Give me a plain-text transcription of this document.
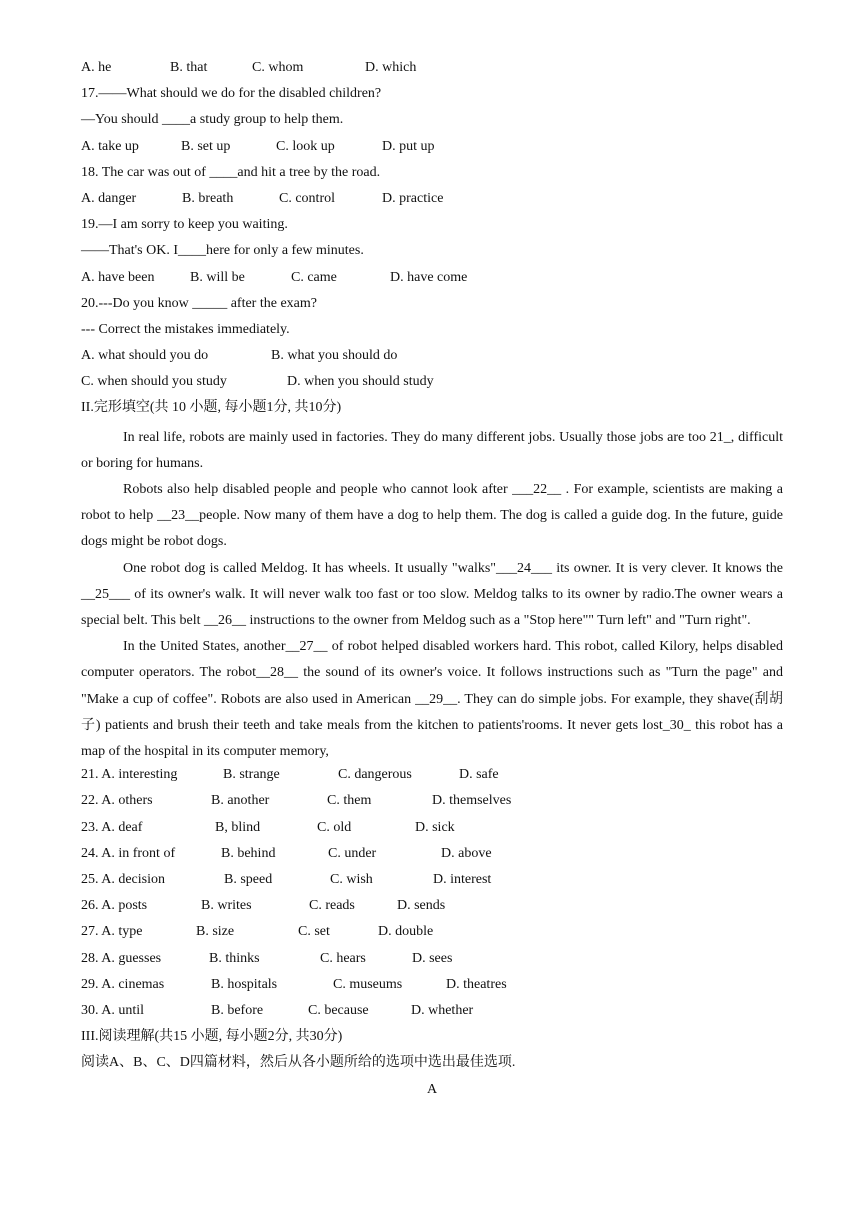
A. he	B. that	C. whom	D. which
17.——What should we do for the disabled children?
—You should ____a study group to help them.
A. take up	B. set up	C. look up	D. put up
18. The car was out of ____and hit a tree by the road.
A. danger	B. breath	C. control	D. practice
19.—I am sorry to keep you waiting.
——That's OK. I____here for only a few minutes.
A. have been	B. will be	C. came	D. have come
20.---Do you know _____ after the exam?
--- Correct the mistakes immediately.
A. what should you do	B. what you should do
C. when should you study	D. when you should study
II.完形填空(共 10 小题, 每小题1分, 共10分)

In real life, robots are mainly used in factories. They do many different jobs. Usually those jobs are too 21_, difficult or boring for humans.

Robots also help disabled people and people who cannot look after ___22__ . For example, scientists are making a robot to help __23__people. Now many of them have a dog to help them. The dog is called a guide dog. In the future, guide dogs might be robot dogs.

One robot dog is called Meldog. It has wheels. It usually "walks"___24___ its owner. It is very clever. It knows the __25___ of its owner's walk. It will never walk too fast or too slow. Meldog talks to its owner by radio.The owner wears a special belt. This belt __26__ instructions to the owner from Meldog such as a "Stop here"" Turn left" and "Turn right".

In the United States, another__27__ of robot helped disabled workers hard. This robot, called Kilory, helps disabled computer operators. The robot__28__ the sound of its owner's voice. It follows instructions such as "Turn the page" and "Make a cup of coffee". Robots are also used in American __29__. They can do simple jobs. For example, they shave(刮胡子) patients and brush their teeth and take meals from the kitchen to patients'rooms. It never gets lost_30_ this robot has a map of the hospital in its computer memory,

21. A. interesting	B. strange	C. dangerous	D. safe
22. A. others	B. another	C. them	D. themselves
23. A. deaf	B, blind	C. old	D. sick
24. A. in front of	B. behind	C. under	D. above
25. A. decision	B. speed	C. wish	D. interest
26. A. posts	B. writes	C. reads	D. sends
27. A. type	B. size	C. set	D. double
28. A. guesses	B. thinks	C. hears	D. sees
29. A. cinemas	B. hospitals	C. museums	D. theatres
30. A. until	B. before	C. because	D. whether
III.阅读理解(共15 小题, 每小题2分, 共30分)
阅读A、B、C、D四篇材料，然后从各小题所给的选项中选出最佳选项.
A
